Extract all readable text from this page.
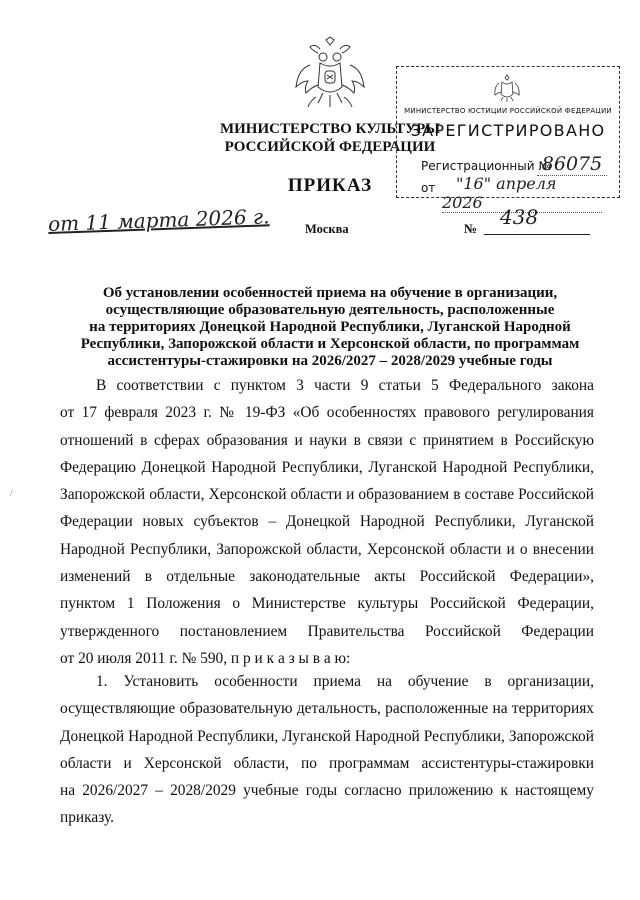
МИНИСТЕРСТВО КУЛЬТУРЫ
РОССИЙСКОЙ ФЕДЕРАЦИИ
ПРИКАЗ
МИНИСТЕРСТВО ЮСТИЦИИ РОССИЙСКОЙ ФЕДЕРАЦИИ
ЗАРЕГИСТРИРОВАНО
Регистрационный №
86075
от	"16" апреля 2026
от 11 марта 2026 г.	Москва	№ 438
Об установлении особенностей приема на обучение в организации,
осуществляющие образовательную деятельность, расположенные
на территориях Донецкой Народной Республики, Луганской Народной
Республики, Запорожской области и Херсонской области, по программам
ассистентуры-стажировки на 2026/2027 – 2028/2029 учебные годы
В соответствии с пунктом 3 части 9 статьи 5 Федерального закона
от 17 февраля 2023 г. № 19-ФЗ «Об особенностях правового регулирования
отношений в сферах образования и науки в связи с принятием в Российскую
Федерацию Донецкой Народной Республики, Луганской Народной Республики,
Запорожской области, Херсонской области и образованием в составе Российской
Федерации новых субъектов – Донецкой Народной Республики, Луганской
Народной Республики, Запорожской области, Херсонской области и о внесении
изменений в отдельные законодательные акты Российской Федерации»,
пунктом 1 Положения о Министерстве культуры Российской Федерации,
утвержденного постановлением Правительства Российской Федерации
от 20 июля 2011 г. № 590, п р и к а з ы в а ю:
1. Установить особенности приема на обучение в организации,
осуществляющие образовательную детальность, расположенные на территориях
Донецкой Народной Республики, Луганской Народной Республики, Запорожской
области и Херсонской области, по программам ассистентуры-стажировки
на 2026/2027 – 2028/2029 учебные годы согласно приложению к настоящему
приказу.
/
